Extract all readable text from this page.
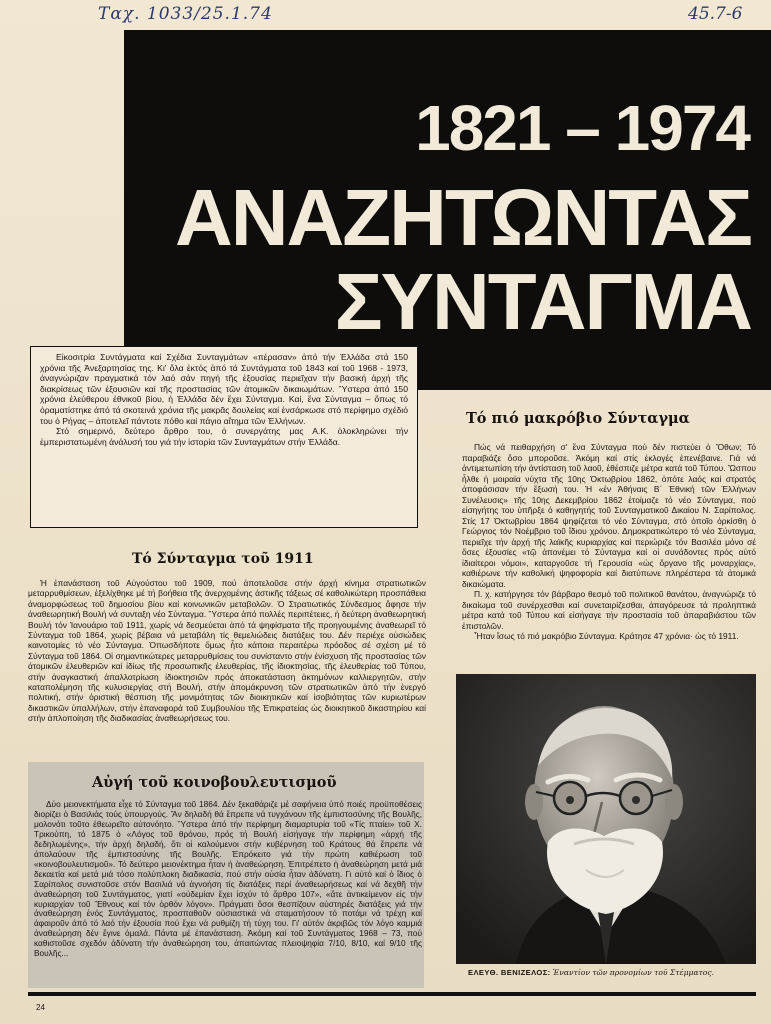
Ταχ. 1033/25.1.74	45.7-6
1821 – 1974
ΑΝΑΖΗΤΩΝΤΑΣ
ΣΥΝΤΑΓΜΑ

Εἰκοσιτρία Συντάγματα καί Σχέδια Συνταγμάτων «πέρασαν» ἀπό τήν Ἑλλάδα στά 150 χρόνια τῆς Ἀνεξαρτησίας της. Κι' ὅλα ἐκτός ἀπό τά Συντάγματα τοῦ 1843 καί τοῦ 1968 - 1973, ἀναγνώριζαν πραγματικά τόν λαό σάν πηγή τῆς ἐξουσίας περιεῖχαν τήν βασική ἀρχή τῆς διακρίσεως τῶν ἐξουσιῶν καί τῆς προστασίας τῶν ἀτομικῶν δικαιωμάτων. Ὕστερα ἀπό 150 χρόνια ἐλεύθερου ἐθνικοῦ βίου, ἡ Ἑλλάδα δέν ἔχει Σύνταγμα. Καί, ἕνα Σύνταγμα – ὅπως τό ὁραματίστηκε ἀπό τά σκοτεινά χρόνια τῆς μακρᾶς δουλείας καί ἐνσάρκωσε στό περίφημο σχέδιό του ὁ Ρήγας – ἀποτελεῖ πάντοτε πόθο καί πάγιο αἴτημα τῶν Ἑλλήνων.

Στό σημερινό, δεύτερο ἄρθρο του, ὁ συνεργάτης μας Α.Κ. ὁλοκληρώνει τήν ἐμπεριστατωμένη ἀνάλυσή του γιά τήν ἱστορία τῶν Συνταγμάτων στήν Ἑλλάδα.

Τό πιό μακρόβιο Σύνταγμα

Πώς νά πειθαρχήση σ' ἕνα Σύνταγμα πού δέν πιστεύει ὁ Ὄθων; Τό παραβιάζε ὅσο μποροῦσε. Ἀκόμη καί στίς ἐκλογές ἐπενέβαινε. Γιά νά ἀντιμετωπίση τήν ἀντίσταση τοῦ λαοῦ, ἐθέσπιζε μέτρα κατά τοῦ Τύπου. Ὥσπου ἦλθε ἡ μοιραία νύχτα τῆς 10ης Ὀκτωβρίου 1862, ὁπότε λαός καί στρατός ἀποφάσισαν τήν ἔξωσή του. Ἡ «ἐν Ἀθήναις Β΄ Ἐθνική τῶν Ἑλλήνων Συνέλευσις» τῆς 10ης Δεκεμβρίου 1862 ἑτοίμαζε τό νέο Σύνταγμα, πού εἰσηγήτης του ὑπῆρξε ὁ καθηγητής τοῦ Συνταγματικοῦ Δικαίου Ν. Σαρίπολος. Στίς 17 Ὀκτωβρίου 1864 ψηφίζεται τό νέο Σύνταγμα, στό ὁποῖο ὁρκίσθη ὁ Γεώργιος τόν Νοέμβριο τοῦ ἴδιου χρόνου. Δημοκρατικώτερο τό νέο Σύνταγμα, περιεῖχε τήν ἀρχή τῆς λαϊκῆς κυριαρχίας καί περιώριζε τόν Βασιλέα μόνο σέ ὅσες ἐξουσίες «τῷ ἀπονέμει τό Σύνταγμα καί οἱ συνάδοντες πρός αὐτό ἰδιαίτεροι νόμοι», καταργοῦσε τή Γερουσία «ὡς ὄργανο τῆς μοναρχίας», καθιέρωνε τήν καθολική ψηφοφορία καί διατύπωνε πληρέστερα τά ἀτομικά δικαιώματα.

Π. χ. κατήργησε τόν βάρβαρο θεσμό τοῦ πολιτικοῦ θανάτου, ἀναγνώριζε τό δικαίωμα τοῦ συνέρχεσθαι καί συνεταιρίζεσθαι, ἀπαγόρευσε τά προληπτικά μέτρα κατά τοῦ Τύπου καί εἰσήγαγε τήν προστασία τοῦ ἀπαραβιάστου τῶν ἐπιστολῶν.

Ἦταν ἴσως τό πιό μακρόβιο Σύνταγμα. Κράτησε 47 χρόνια· ὡς τό 1911.

Τό Σύνταγμα τοῦ 1911

Ἡ ἐπανάσταση τοῦ Αὐγούστου τοῦ 1909, πού ἀποτελοῦσε στήν ἀρχή κίνημα στρατιωτικῶν μεταρρυθμίσεων, ἐξελίχθηκε μέ τή βοήθεια τῆς ἀνερχομένης ἀστικῆς τάξεως σέ καθολικώτερη προσπάθεια ἀναμορφώσεως τοῦ δημοσίου βίου καί κοινωνικῶν μεταβολῶν. Ὁ Στρατιωτικός Σύνδεσμος ἄφησε τήν ἀναθεωρητική Βουλή νά συνταξη νέο Σύνταγμα. Ὕστερα ἀπό πολλές περιπέτειες, ἡ δεύτερη ἀναθεωρητική Βουλή τόν Ἰανουάριο τοῦ 1911, χωρίς νά δεσμεύεται ἀπό τά ψηφίσματα τῆς προηγουμένης ἀναθεωρεῖ τό Σύνταγμα τοῦ 1864, χωρίς βέβαια νά μεταβάλη τίς θεμελιώδεις διατάξεις του. Δέν περιέχε οὐσιώδεις καινοτομίες τό νέο Σύνταγμα. Ὁπωσδήποτε ὅμως ἦτο κάποια περαιτέρω πρόοδος σέ σχέση μέ τό Σύνταγμα τοῦ 1864. Οἱ σημαντικώτερες μεταρρυθμίσεις του συνίσταντο στήν ἐνίσχυση τῆς προστασίας τῶν ἀτομικῶν ἐλευθεριῶν καί ἰδίως τῆς προσωπικῆς ἐλευθερίας, τῆς ἰδιοκτησίας, τῆς ἐλευθερίας τοῦ Τύπου, στήν ἀναγκαστική ἀπαλλοτρίωση ἰδιοκτησιῶν πρός ἀποκατάσταση ἀκτημόνων καλλιεργητῶν, στήν καταπολέμηση τῆς κυλυσιεργίας στή Βουλή, στήν ἀπομάκρυνση τῶν στρατιωτικῶν ἀπό τήν ἐνεργό πολιτική, στήν ὁριστική θέσπιση τῆς μονιμότητας τῶν διοικητικῶν καί ἰσοβιότητας τῶν κυριωτέρων δικαστικῶν ὑπαλλήλων, στήν ἐπαναφορά τοῦ Συμβουλίου τῆς Ἐπικρατείας ὡς διοικητικοῦ δικαστηρίου καί στήν ἀπλοποίηση τῆς διαδικασίας ἀναθεωρήσεως του.

Αὐγή τοῦ κοινοβουλευτισμοῦ

Δύο μειονεκτήματα εἶχε τό Σύνταγμα τοῦ 1864. Δέν ξεκαθάριζε μέ σαφήνεια ὑπό ποιές προϋποθέσεις διορίζει ὁ Βασιλιάς τούς ὑπουργούς. Ἄν δηλαδή θά ἔπρεπε νά τυγχάνουν τῆς ἐμπιστοσύνης τῆς Βουλῆς, μολονότι τοῦτο ἐθεωρεῖτο αὐτονόητο. Ὕστερα ἀπό τήν περίφημη διαμαρτυρία τοῦ «Τίς πταίει» τοῦ Χ. Τρικούπη, τό 1875 ὁ «Λόγος τοῦ θρόνου, πρός τή Βουλή εἰσήγαγε τήν περίφημη «ἀρχή τῆς δεδηλωμένης», τήν ἀρχή δηλαδή, ὅτι οἱ καλούμενοι στήν κυβέρνηση τοῦ Κράτους θά ἔπρεπε νά ἀπολαύουν τῆς ἐμπιστοσύνης τῆς Βουλῆς. Ἐπρόκειτο γιά τήν πρώτη καθιέρωση τοῦ «κοινοβουλευτισμοῦ». Τό δεύτερο μειονέκτημα ἦταν ἡ ἀναθεώρηση. Ἐπιτρέπετο ἡ ἀναθεώρηση μετά μιά δεκαετία καί μετά μιά τόσο πολύπλοκη διαδικασία, πού στήν οὐσία ἦταν ἀδύνατη. Γι αὐτό καί ὁ ἴδιος ὁ Σαρίπολος συνιστοῦσε στόν Βασιλιά νά ἀγνοήση τίς διατάξεις περί ἀναθεωρήσεως καί νά δεχθῆ τήν ἀναθεώρηση τοῦ Συντάγματος, γιατί «οὐδεμίαν ἔχει ἰσχύν τό ἄρθρο 107», «ἅτε ἀντικείμενον εἰς τήν κυριαρχίαν τοῦ Ἔθνους καί τόν ὀρθόν λόγον». Πράγματι ὅσοι θεσπίζουν αὐστηρές διατάξεις γιά τήν ἀναθεώρηση ἑνός Συντάγματος, προσπαθοῦν οὐσιαστικά νά σταματήσουν τό ποτάμι νά τρέχη καί ἀφαιροῦν ἀπό τό λαό τήν ἐξουσία πού ἔχει νά ρυθμίζη τή τύχη του. Γι' αὐτόν ἀκριβῶς τόν λόγο καμμιά ἀναθεώρηση δέν ἔγινε ὁμαλά. Πάντα μέ ἐπανάσταση. Ἀκόμη καί τοῦ Συντάγματος 1968 – 73, πού καθιστοῦσε σχεδόν ἀδύνατη τήν ἀναθεώρηση του, ἀπαιτώντας πλειοψηφία 7/10, 8/10, καί 9/10 τῆς Βουλῆς...

ΕΛΕΥΘ. ΒΕΝΙΖΕΛΟΣ: Ἐναντίον τῶν προνομίων τοῦ Στέμματος.
24
